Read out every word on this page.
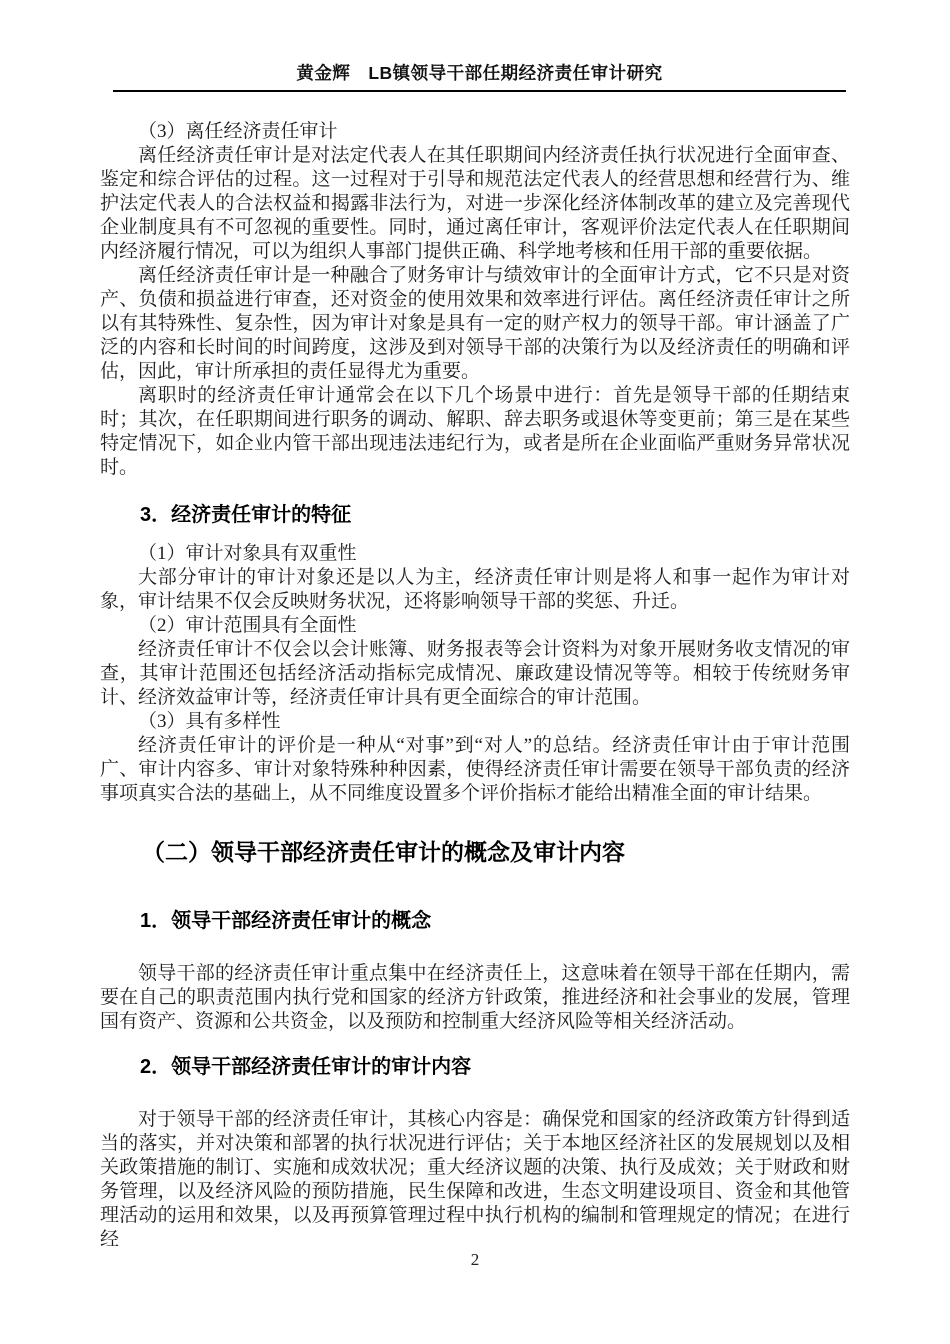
黄金辉　LB镇领导干部任期经济责任审计研究

（3）离任经济责任审计

离任经济责任审计是对法定代表人在其任职期间内经济责任执行状况进行全面审查、鉴定和综合评估的过程。这一过程对于引导和规范法定代表人的经营思想和经营行为、维护法定代表人的合法权益和揭露非法行为，对进一步深化经济体制改革的建立及完善现代企业制度具有不可忽视的重要性。同时，通过离任审计，客观评价法定代表人在任职期间内经济履行情况，可以为组织人事部门提供正确、科学地考核和任用干部的重要依据。

离任经济责任审计是一种融合了财务审计与绩效审计的全面审计方式，它不只是对资产、负债和损益进行审查，还对资金的使用效果和效率进行评估。离任经济责任审计之所以有其特殊性、复杂性，因为审计对象是具有一定的财产权力的领导干部。审计涵盖了广泛的内容和长时间的时间跨度，这涉及到对领导干部的决策行为以及经济责任的明确和评估，因此，审计所承担的责任显得尤为重要。

离职时的经济责任审计通常会在以下几个场景中进行：首先是领导干部的任期结束时；其次，在任职期间进行职务的调动、解职、辞去职务或退休等变更前；第三是在某些特定情况下，如企业内管干部出现违法违纪行为，或者是所在企业面临严重财务异常状况时。

3．经济责任审计的特征

（1）审计对象具有双重性

大部分审计的审计对象还是以人为主，经济责任审计则是将人和事一起作为审计对象，审计结果不仅会反映财务状况，还将影响领导干部的奖惩、升迁。

（2）审计范围具有全面性

经济责任审计不仅会以会计账簿、财务报表等会计资料为对象开展财务收支情况的审查，其审计范围还包括经济活动指标完成情况、廉政建设情况等等。相较于传统财务审计、经济效益审计等，经济责任审计具有更全面综合的审计范围。

（3）具有多样性

经济责任审计的评价是一种从“对事”到“对人”的总结。经济责任审计由于审计范围广、审计内容多、审计对象特殊种种因素，使得经济责任审计需要在领导干部负责的经济事项真实合法的基础上，从不同维度设置多个评价指标才能给出精准全面的审计结果。

（二）领导干部经济责任审计的概念及审计内容
1．领导干部经济责任审计的概念

领导干部的经济责任审计重点集中在经济责任上，这意味着在领导干部在任期内，需要在自己的职责范围内执行党和国家的经济方针政策，推进经济和社会事业的发展，管理国有资产、资源和公共资金，以及预防和控制重大经济风险等相关经济活动。

2．领导干部经济责任审计的审计内容

对于领导干部的经济责任审计，其核心内容是：确保党和国家的经济政策方针得到适当的落实，并对决策和部署的执行状况进行评估；关于本地区经济社区的发展规划以及相关政策措施的制订、实施和成效状况；重大经济议题的决策、执行及成效；关于财政和财务管理，以及经济风险的预防措施，民生保障和改进，生态文明建设项目、资金和其他管理活动的运用和效果，以及再预算管理过程中执行机构的编制和管理规定的情况；在进行经

2
